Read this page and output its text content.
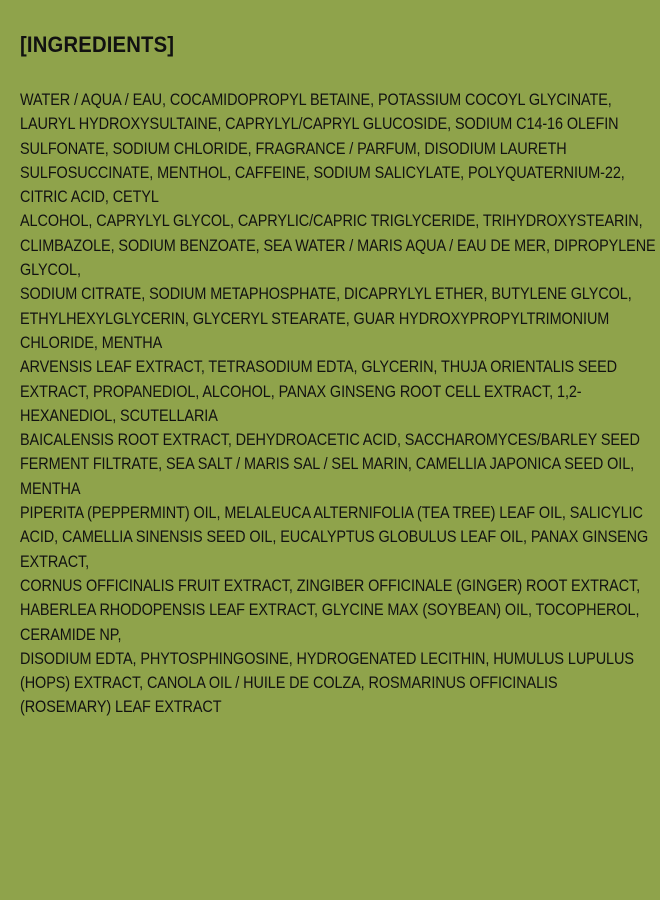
[INGREDIENTS]
WATER / AQUA / EAU, COCAMIDOPROPYL BETAINE, POTASSIUM COCOYL GLYCINATE,
LAURYL HYDROXYSULTAINE, CAPRYLYL/CAPRYL GLUCOSIDE, SODIUM C14-16 OLEFIN
SULFONATE, SODIUM CHLORIDE, FRAGRANCE / PARFUM, DISODIUM LAURETH
SULFOSUCCINATE, MENTHOL, CAFFEINE, SODIUM SALICYLATE, POLYQUATERNIUM-22,
CITRIC ACID, CETYL
ALCOHOL, CAPRYLYL GLYCOL, CAPRYLIC/CAPRIC TRIGLYCERIDE, TRIHYDROXYSTEARIN,
CLIMBAZOLE, SODIUM BENZOATE, SEA WATER / MARIS AQUA / EAU DE MER, DIPROPYLENE
GLYCOL,
SODIUM CITRATE, SODIUM METAPHOSPHATE, DICAPRYLYL ETHER, BUTYLENE GLYCOL,
ETHYLHEXYLGLYCERIN, GLYCERYL STEARATE, GUAR HYDROXYPROPYLTRIMONIUM
CHLORIDE, MENTHA
ARVENSIS LEAF EXTRACT, TETRASODIUM EDTA, GLYCERIN, THUJA ORIENTALIS SEED
EXTRACT, PROPANEDIOL, ALCOHOL, PANAX GINSENG ROOT CELL EXTRACT, 1,2-
HEXANEDIOL, SCUTELLARIA
BAICALENSIS ROOT EXTRACT, DEHYDROACETIC ACID, SACCHAROMYCES/BARLEY SEED
FERMENT FILTRATE, SEA SALT / MARIS SAL / SEL MARIN, CAMELLIA JAPONICA SEED OIL,
MENTHA
PIPERITA (PEPPERMINT) OIL, MELALEUCA ALTERNIFOLIA (TEA TREE) LEAF OIL, SALICYLIC
ACID, CAMELLIA SINENSIS SEED OIL, EUCALYPTUS GLOBULUS LEAF OIL, PANAX GINSENG
EXTRACT,
CORNUS OFFICINALIS FRUIT EXTRACT, ZINGIBER OFFICINALE (GINGER) ROOT EXTRACT,
HABERLEA RHODOPENSIS LEAF EXTRACT, GLYCINE MAX (SOYBEAN) OIL, TOCOPHEROL,
CERAMIDE NP,
DISODIUM EDTA, PHYTOSPHINGOSINE, HYDROGENATED LECITHIN, HUMULUS LUPULUS
(HOPS) EXTRACT, CANOLA OIL / HUILE DE COLZA, ROSMARINUS OFFICINALIS
(ROSEMARY) LEAF EXTRACT
